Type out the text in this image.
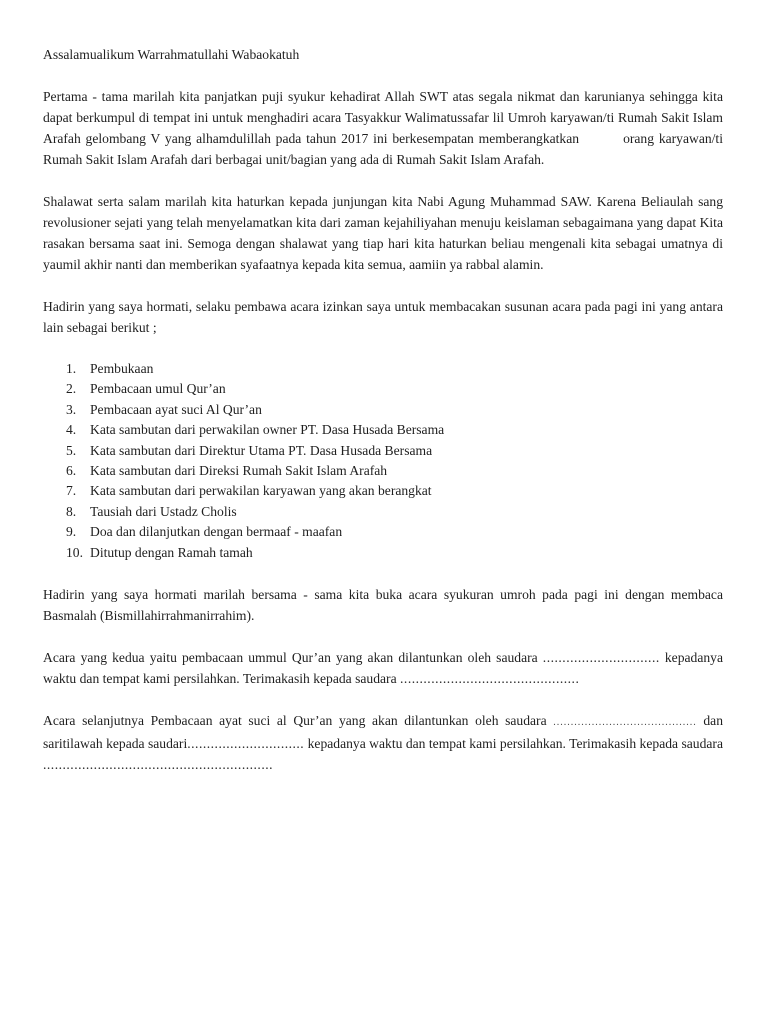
Assalamualikum Warrahmatullahi Wabaokatuh

Pertama - tama marilah kita panjatkan puji syukur kehadirat Allah SWT atas segala nikmat dan karunianya sehingga kita dapat berkumpul di tempat ini untuk menghadiri acara Tasyakkur Walimatussafar lil Umroh karyawan/ti Rumah Sakit Islam Arafah gelombang V yang alhamdulillah pada tahun 2017 ini berkesempatan memberangkatkan	orang karyawan/ti Rumah Sakit Islam Arafah dari berbagai unit/bagian yang ada di Rumah Sakit Islam Arafah.

Shalawat serta salam marilah kita haturkan kepada junjungan kita Nabi Agung Muhammad SAW. Karena Beliaulah sang revolusioner sejati yang telah menyelamatkan kita dari zaman kejahiliyahan menuju keislaman sebagaimana yang dapat Kita rasakan bersama saat ini. Semoga dengan shalawat yang tiap hari kita haturkan beliau mengenali kita sebagai umatnya di yaumil akhir nanti dan memberikan syafaatnya kepada kita semua, aamiin ya rabbal alamin.

Hadirin yang saya hormati, selaku pembawa acara izinkan saya untuk membacakan susunan acara pada pagi ini yang antara lain sebagai berikut ;

Pembukaan
Pembacaan umul Qur’an
Pembacaan ayat suci Al Qur’an
Kata sambutan dari perwakilan owner PT. Dasa Husada Bersama
Kata sambutan dari Direktur Utama PT. Dasa Husada Bersama
Kata sambutan dari Direksi Rumah Sakit Islam Arafah
Kata sambutan dari perwakilan karyawan yang akan berangkat
Tausiah dari Ustadz Cholis
Doa dan dilanjutkan dengan bermaaf - maafan
Ditutup dengan Ramah tamah

Hadirin yang saya hormati marilah bersama - sama kita buka acara syukuran umroh pada pagi ini dengan membaca Basmalah (Bismillahirrahmanirrahim).

Acara yang kedua yaitu pembacaan ummul Qur’an yang akan dilantunkan oleh saudara .............................. kepadanya waktu dan tempat kami persilahkan. Terimakasih kepada saudara ..............................................

Acara selanjutnya Pembacaan ayat suci al Qur’an yang akan dilantunkan oleh saudara ......................................... dan saritilawah kepada saudari.............................. kepadanya waktu dan tempat kami persilahkan. Terimakasih kepada saudara ...........................................................
